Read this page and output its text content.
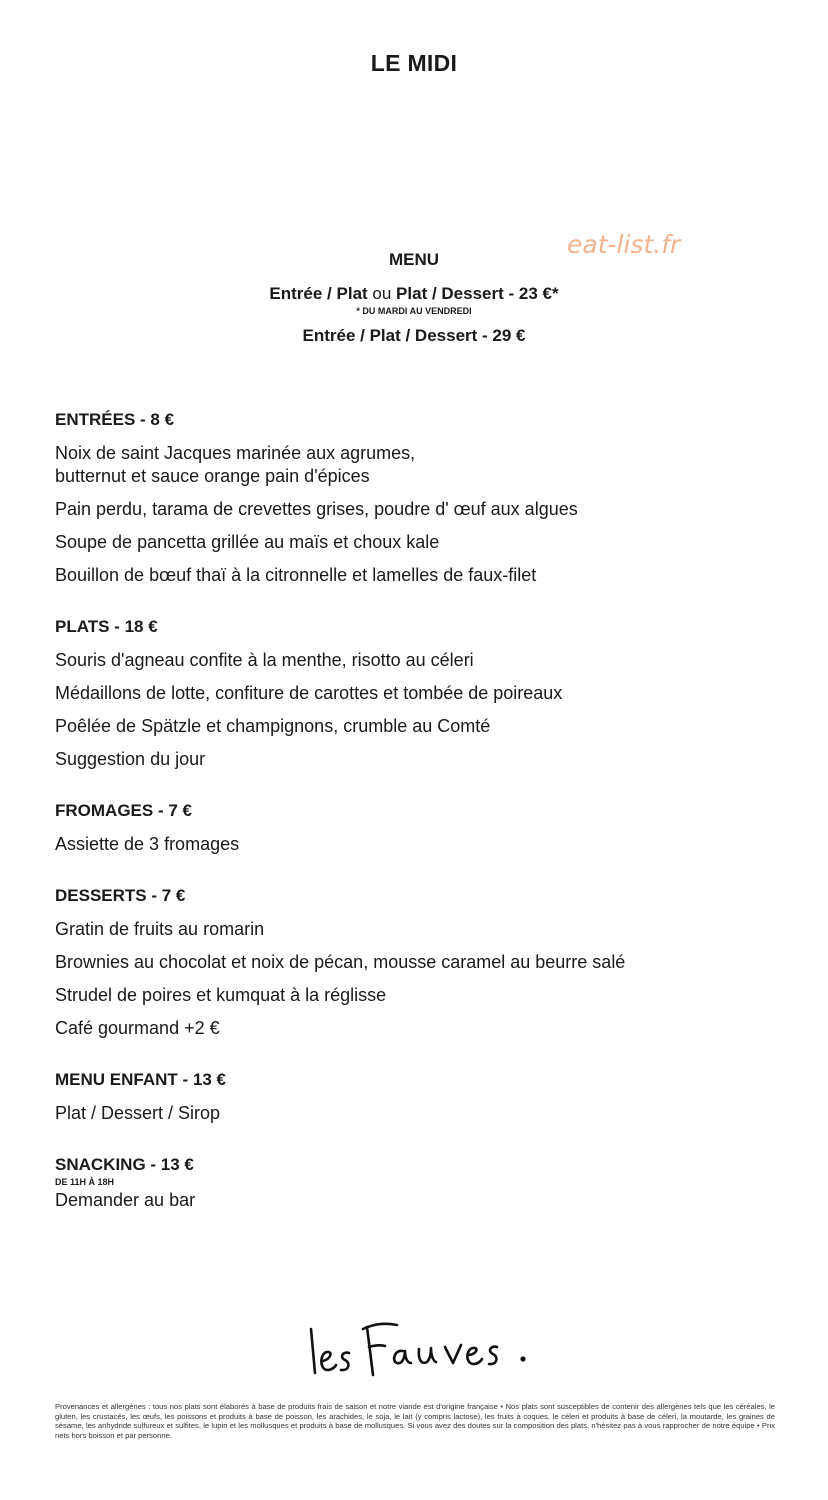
LE MIDI
eat-list.fr
MENU
Entrée / Plat ou Plat / Dessert - 23 €*
* DU MARDI AU VENDREDI
Entrée / Plat / Dessert - 29 €
ENTRÉES - 8 €
Noix de saint Jacques marinée aux agrumes,
butternut et sauce orange pain d'épices
Pain perdu, tarama de crevettes grises, poudre d' œuf aux algues
Soupe de pancetta grillée au maïs et choux kale
Bouillon de bœuf thaï à la citronnelle et lamelles de faux-filet
PLATS - 18 €
Souris d'agneau confite à la menthe, risotto au céleri
Médaillons de lotte, confiture de carottes et tombée de poireaux
Poêlée de Spätzle et champignons, crumble au Comté
Suggestion du jour
FROMAGES - 7 €
Assiette de 3 fromages
DESSERTS - 7 €
Gratin de fruits au romarin
Brownies au chocolat et noix de pécan, mousse caramel au beurre salé
Strudel de poires et kumquat à la réglisse
Café gourmand +2 €
MENU ENFANT - 13 €
Plat / Dessert / Sirop
SNACKING - 13 €
DE 11H À 18H
Demander au bar
Provenances et allergènes : tous nos plats sont élaborés à base de produits frais de saison et notre viande est d'origine française • Nos plats sont susceptibles de contenir des allergènes tels que les céréales, le gluten, les crustacés, les œufs, les poissons et produits à base de poisson, les arachides, le soja, le lait (y compris lactose), les fruits à coques, le céleri et produits à base de céleri, la moutarde, les graines de sésame, les anhydride sulfureux et sulfites, le lupin et les mollusques et produits à base de mollusques. Si vous avez des doutes sur la composition des plats, n'hésitez pas à vous rapprocher de notre équipe • Prix nets hors boisson et par personne.
